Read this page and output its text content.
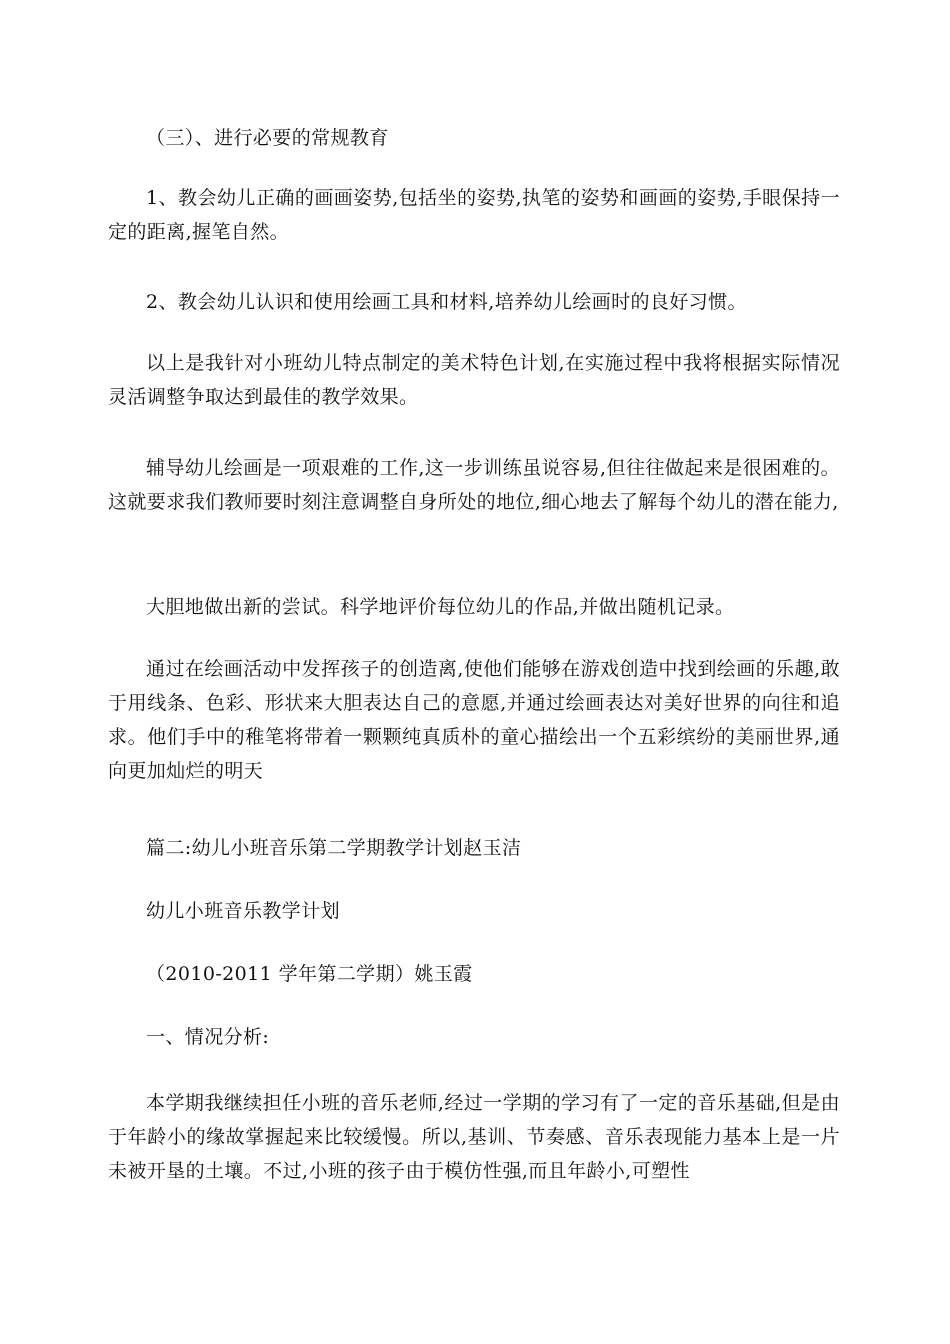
（三）、进行必要的常规教育

1、教会幼儿正确的画画姿势,包括坐的姿势,执笔的姿势和画画的姿势,手眼保持一定的距离,握笔自然。

2、教会幼儿认识和使用绘画工具和材料,培养幼儿绘画时的良好习惯。

以上是我针对小班幼儿特点制定的美术特色计划,在实施过程中我将根据实际情况灵活调整争取达到最佳的教学效果。

辅导幼儿绘画是一项艰难的工作,这一步训练虽说容易,但往往做起来是很困难的。这就要求我们教师要时刻注意调整自身所处的地位,细心地去了解每个幼儿的潜在能力,

大胆地做出新的尝试。科学地评价每位幼儿的作品,并做出随机记录。

通过在绘画活动中发挥孩子的创造离,使他们能够在游戏创造中找到绘画的乐趣,敢于用线条、色彩、形状来大胆表达自己的意愿,并通过绘画表达对美好世界的向往和追求。他们手中的稚笔将带着一颗颗纯真质朴的童心描绘出一个五彩缤纷的美丽世界,通向更加灿烂的明天

篇二:幼儿小班音乐第二学期教学计划赵玉洁

幼儿小班音乐教学计划

（2010-2011 学年第二学期）姚玉霞

一、情况分析:

本学期我继续担任小班的音乐老师,经过一学期的学习有了一定的音乐基础,但是由于年龄小的缘故掌握起来比较缓慢。所以,基训、节奏感、音乐表现能力基本上是一片未被开垦的土壤。不过,小班的孩子由于模仿性强,而且年龄小,可塑性
